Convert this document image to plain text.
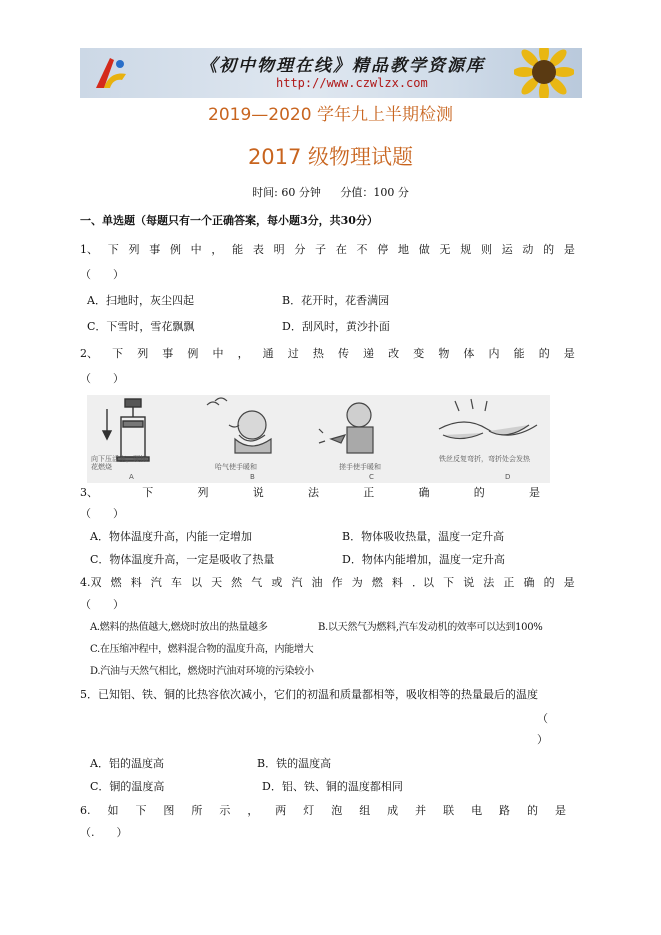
《初中物理在线》精品教学资源库
http://www.czwlzx.com
2019—2020 学年九上半期检测
2017 级物理试题
时间: 60 分钟 分值：100 分
一、单选题（每题只有一个正确答案，每小题3分，共30分）
1、 下 列 事 例 中 ， 能 表 明 分 子 在 不 停 地 做 无 规 则 运 动 的 是
（　　）
A．扫地时，灰尘四起	B．花开时，花香满园
C．下雪时，雪花飘飘	D．刮风时，黄沙扑面
2、 下 列 事 例 中 ， 通 过 热 传 递 改 变 物 体 内 能 的 是
（　　）
向下压活塞，硬棉
花燃烧
A
哈气使手暖和
B
搓手使手暖和
C
铁丝反复弯折，弯折处会发热
D
3、	下	列	说	法	正	确	的	是
（　　）
A．物体温度升高，内能一定增加	B．物体吸收热量，温度一定升高
C．物体温度升高，一定是吸收了热量	D．物体内能增加，温度一定升高
4.双 燃 料 汽 车 以 天 然 气 或 汽 油 作 为 燃 料 ．以 下 说 法 正 确 的 是
（　　）
A.燃料的热值越大,燃烧时放出的热量越多	B.以天然气为燃料,汽车发动机的效率可以达到100%
C.在压缩冲程中，燃料混合物的温度升高，内能增大
D.汽油与天然气相比，燃烧时汽油对环境的污染较小
5．已知铝、铁、铜的比热容依次减小，它们的初温和质量都相等，吸收相等的热量最后的温度
（
）
A．铝的温度高	B．铁的温度高
C．铜的温度高	D．铝、铁、铜的温度都相同
6. 如 下 图 所 示 ， 两 灯 泡 组 成 并 联 电 路 的 是
（.　　）
